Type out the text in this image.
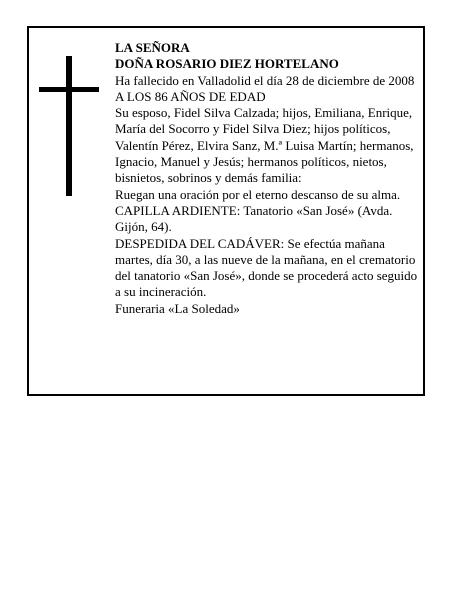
LA SEÑORA

DOÑA ROSARIO DIEZ HORTELANO

Ha fallecido en Valladolid el día 28 de diciembre de 2008

A LOS 86 AÑOS DE EDAD

Su esposo, Fidel Silva Calzada; hijos, Emiliana, Enrique, María del Socorro y Fidel Silva Diez; hijos políticos, Valentín Pérez, Elvira Sanz, M.ª Luisa Martín; hermanos, Ignacio, Manuel y Jesús; hermanos políticos, nietos, bisnietos, sobrinos y demás familia:

Ruegan una oración por el eterno descanso de su alma.

CAPILLA ARDIENTE: Tanatorio «San José» (Avda. Gijón, 64).

DESPEDIDA DEL CADÁVER: Se efectúa mañana martes, día 30, a las nueve de la mañana, en el crematorio del tanatorio «San José», donde se procederá acto seguido a su incineración.

Funeraria «La Soledad»
